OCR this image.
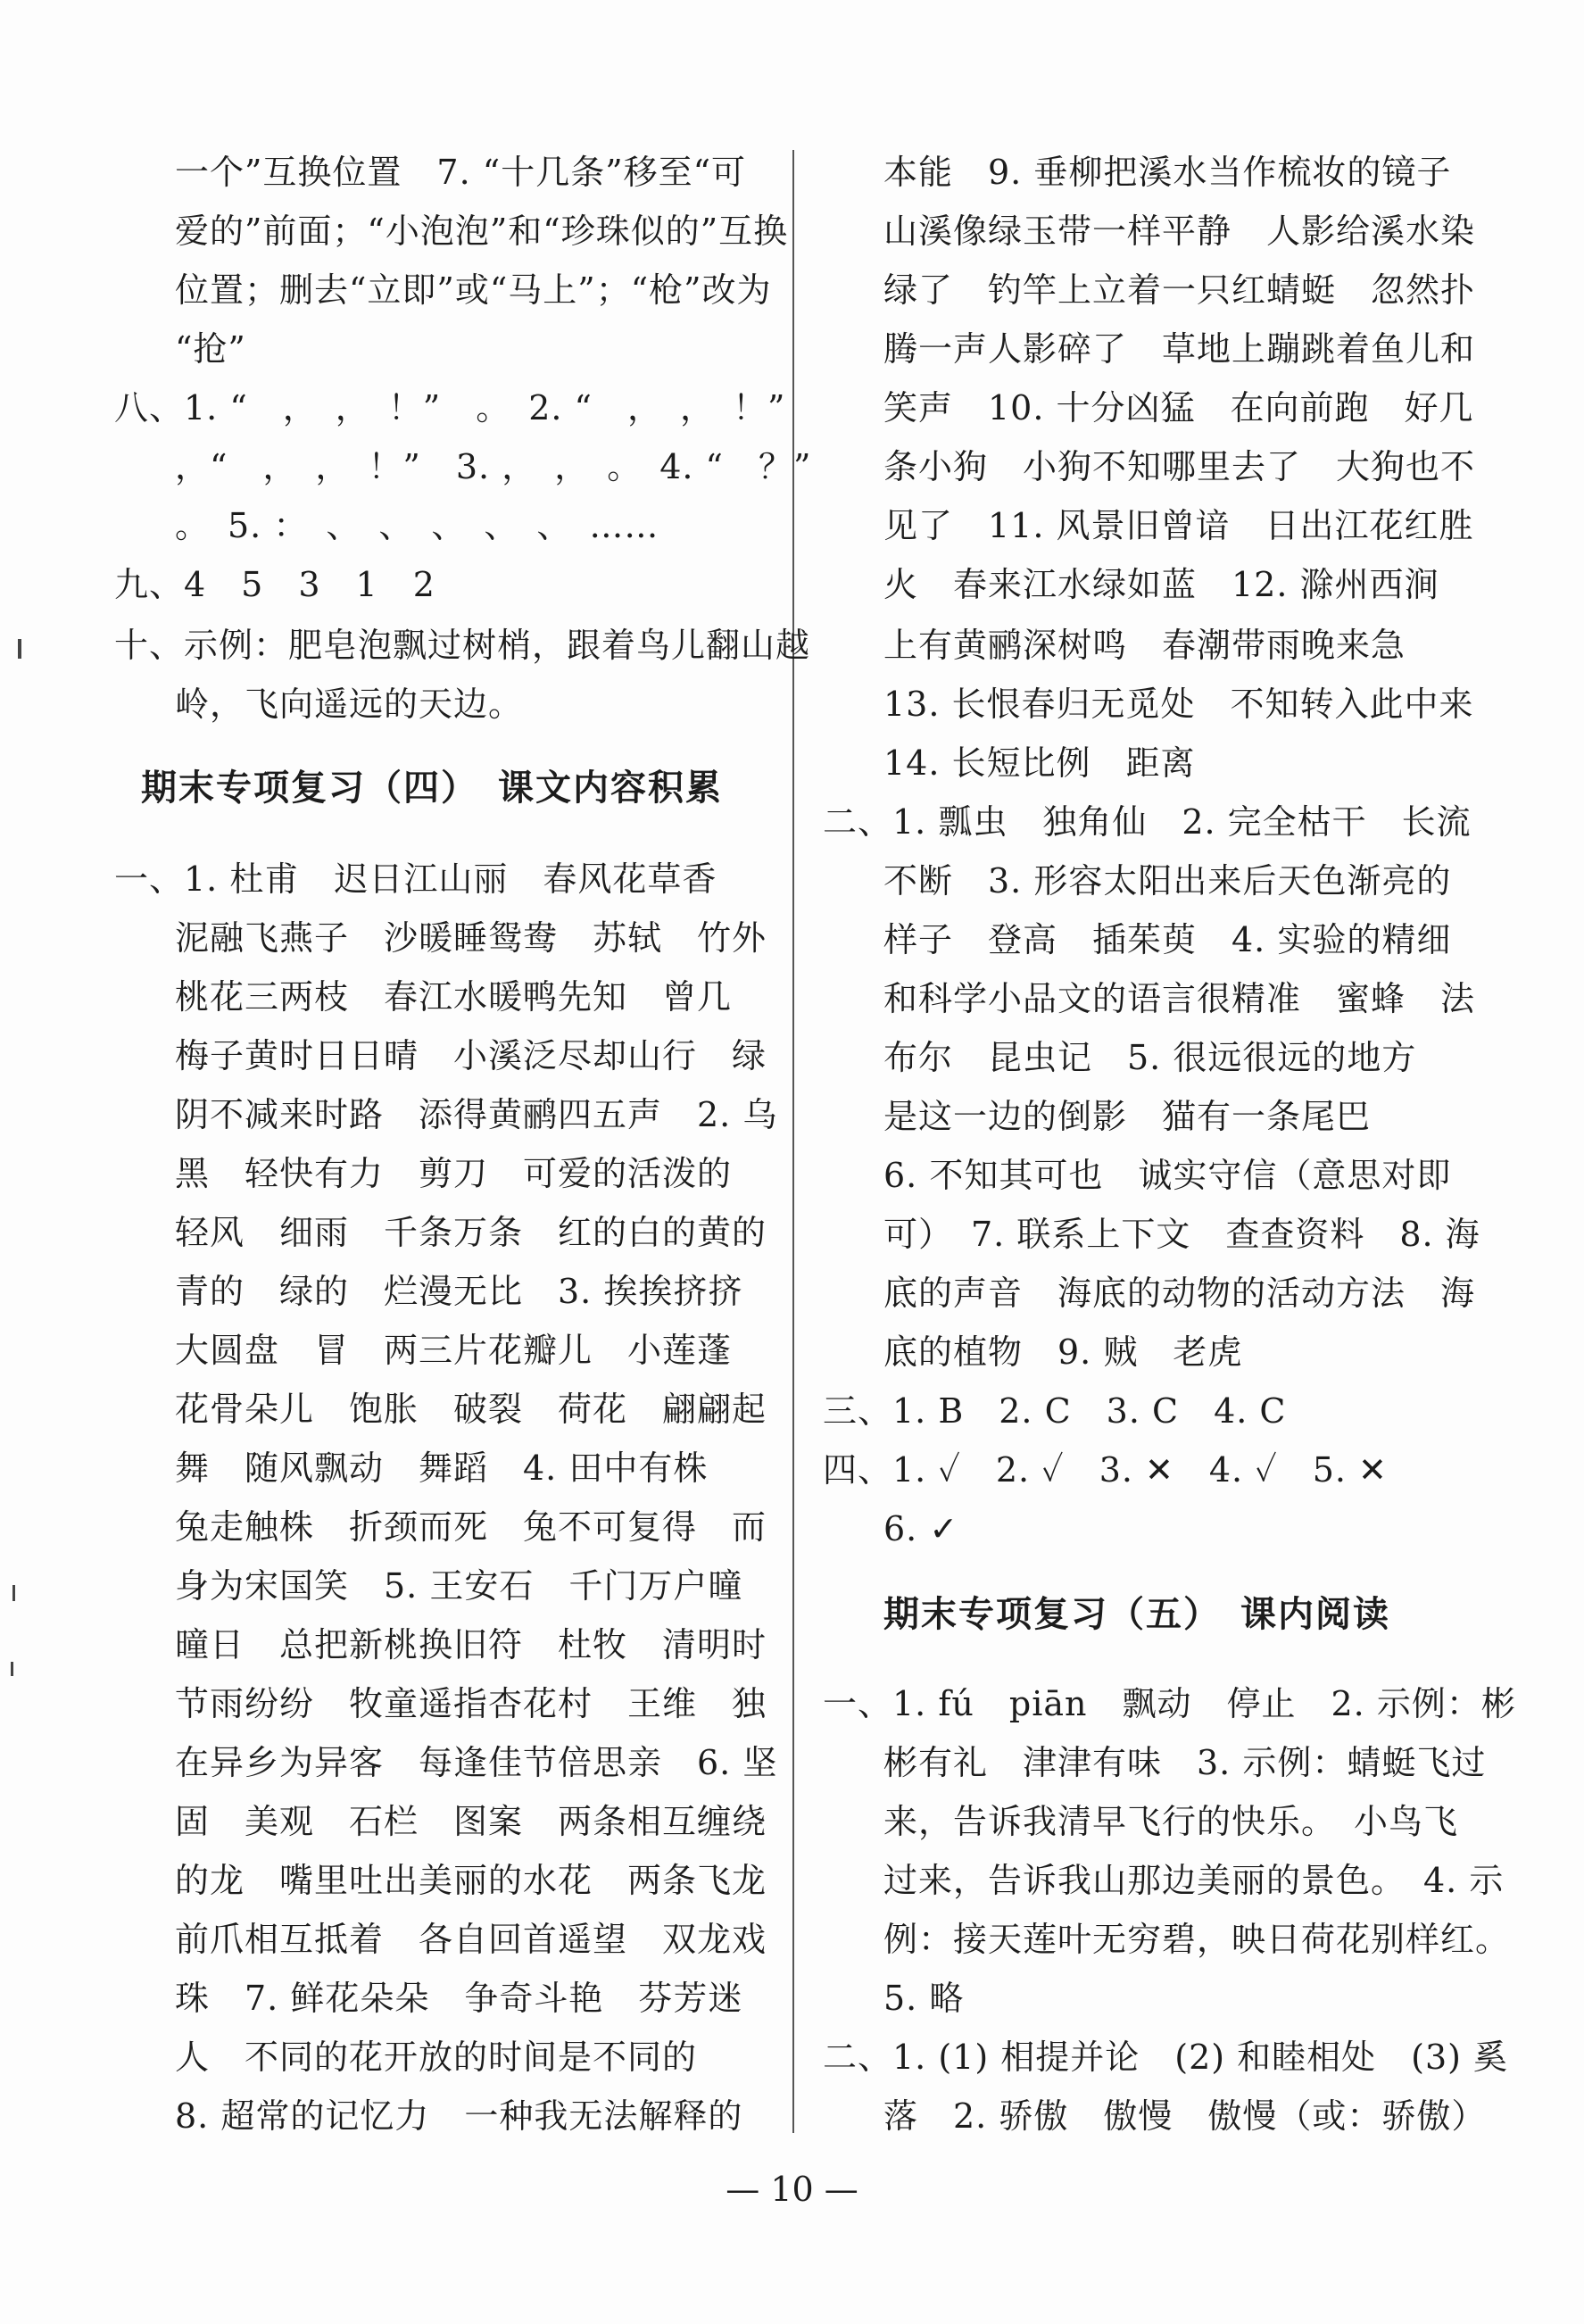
一个”互换位置　7. “十几条”移至“可
爱的”前面；“小泡泡”和“珍珠似的”互换
位置；删去“立即”或“马上”；“枪”改为
“抢”
八、1. “　，　，　！”　。　2. “　，　，　！”
，“　，　，　！”　3. ，　，　。　4. “　？”
。　5. ：　、　、　、　、　、　……
九、4　5　3　1　2
十、示例：肥皂泡飘过树梢，跟着鸟儿翻山越
岭，飞向遥远的天边。
期末专项复习（四）　课文内容积累
一、1. 杜甫　迟日江山丽　春风花草香
泥融飞燕子　沙暖睡鸳鸯　苏轼　竹外
桃花三两枝　春江水暖鸭先知　曾几
梅子黄时日日晴　小溪泛尽却山行　绿
阴不减来时路　添得黄鹂四五声　2. 乌
黑　轻快有力　剪刀　可爱的活泼的
轻风　细雨　千条万条　红的白的黄的
青的　绿的　烂漫无比　3. 挨挨挤挤
大圆盘　冒　两三片花瓣儿　小莲蓬
花骨朵儿　饱胀　破裂　荷花　翩翩起
舞　随风飘动　舞蹈　4. 田中有株
兔走触株　折颈而死　兔不可复得　而
身为宋国笑　5. 王安石　千门万户曈
曈日　总把新桃换旧符　杜牧　清明时
节雨纷纷　牧童遥指杏花村　王维　独
在异乡为异客　每逢佳节倍思亲　6. 坚
固　美观　石栏　图案　两条相互缠绕
的龙　嘴里吐出美丽的水花　两条飞龙
前爪相互抵着　各自回首遥望　双龙戏
珠　7. 鲜花朵朵　争奇斗艳　芬芳迷
人　不同的花开放的时间是不同的
8. 超常的记忆力　一种我无法解释的
本能　9. 垂柳把溪水当作梳妆的镜子
山溪像绿玉带一样平静　人影给溪水染
绿了　钓竿上立着一只红蜻蜓　忽然扑
腾一声人影碎了　草地上蹦跳着鱼儿和
笑声　10. 十分凶猛　在向前跑　好几
条小狗　小狗不知哪里去了　大狗也不
见了　11. 风景旧曾谙　日出江花红胜
火　春来江水绿如蓝　12. 滁州西涧
上有黄鹂深树鸣　春潮带雨晚来急
13. 长恨春归无觅处　不知转入此中来
14. 长短比例　距离
二、1. 瓢虫　独角仙　2. 完全枯干　长流
不断　3. 形容太阳出来后天色渐亮的
样子　登高　插茱萸　4. 实验的精细
和科学小品文的语言很精准　蜜蜂　法
布尔　昆虫记　5. 很远很远的地方
是这一边的倒影　猫有一条尾巴
6. 不知其可也　诚实守信（意思对即
可）　7. 联系上下文　查查资料　8. 海
底的声音　海底的动物的活动方法　海
底的植物　9. 贼　老虎
三、1. B　2. C　3. C　4. C
四、1. ✓　2. ✓　3. ✕　4. ✓　5. ✕
6. ✓
期末专项复习（五）　课内阅读
一、1. fú　piān　飘动　停止　2. 示例：彬
彬有礼　津津有味　3. 示例：蜻蜓飞过
来，告诉我清早飞行的快乐。　小鸟飞
过来，告诉我山那边美丽的景色。　4. 示
例：接天莲叶无穷碧，映日荷花别样红。
5. 略
二、1. (1) 相提并论　(2) 和睦相处　(3) 奚
落　2. 骄傲　傲慢　傲慢（或：骄傲）
— 10 —
